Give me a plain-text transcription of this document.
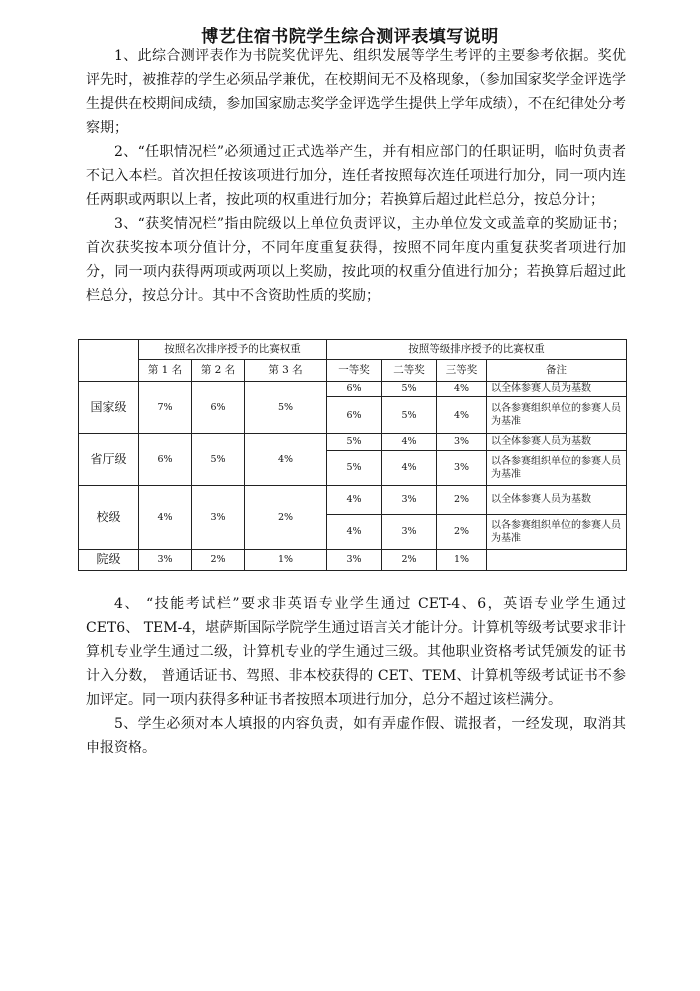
博艺住宿书院学生综合测评表填写说明

1、此综合测评表作为书院奖优评先、组织发展等学生考评的主要参考依据。奖优评先时，被推荐的学生必须品学兼优，在校期间无不及格现象，（参加国家奖学金评选学生提供在校期间成绩，参加国家励志奖学金评选学生提供上学年成绩），不在纪律处分考察期；

2、“任职情况栏”必须通过正式选举产生，并有相应部门的任职证明，临时负责者不记入本栏。首次担任按该项进行加分，连任者按照每次连任项进行加分，同一项内连任两职或两职以上者，按此项的权重进行加分；若换算后超过此栏总分，按总分计；

3、“获奖情况栏”指由院级以上单位负责评议，主办单位发文或盖章的奖励证书；首次获奖按本项分值计分，不同年度重复获得，按照不同年度内重复获奖者项进行加分，同一项内获得两项或两项以上奖励，按此项的权重分值进行加分；若换算后超过此栏总分，按总分计。其中不含资助性质的奖励；

	按照名次排序授予的比赛权重			按照等级排序授予的比赛权重			
	第 1 名	第 2 名	第 3 名	一等奖	二等奖	三等奖	备注
国家级	7%	6%	5%	6%	5%	4%	以全体参赛人员为基数
				6%	5%	4%	以各参赛组织单位的参赛人员为基准
省厅级	6%	5%	4%	5%	4%	3%	以全体参赛人员为基数
				5%	4%	3%	以各参赛组织单位的参赛人员为基准
校级	4%	3%	2%	4%	3%	2%	以全体参赛人员为基数
				4%	3%	2%	以各参赛组织单位的参赛人员为基准
院级	3%	2%	1%	3%	2%	1%	

4、 “技能考试栏”要求非英语专业学生通过 CET-4、6，英语专业学生通过 CET6、 TEM-4，堪萨斯国际学院学生通过语言关才能计分。计算机等级考试要求非计算机专业学生通过二级，计算机专业的学生通过三级。其他职业资格考试凭颁发的证书计入分数， 普通话证书、驾照、非本校获得的 CET、TEM、计算机等级考试证书不参加评定。同一项内获得多种证书者按照本项进行加分，总分不超过该栏满分。

5、学生必须对本人填报的内容负责，如有弄虚作假、谎报者，一经发现，取消其申报资格。
